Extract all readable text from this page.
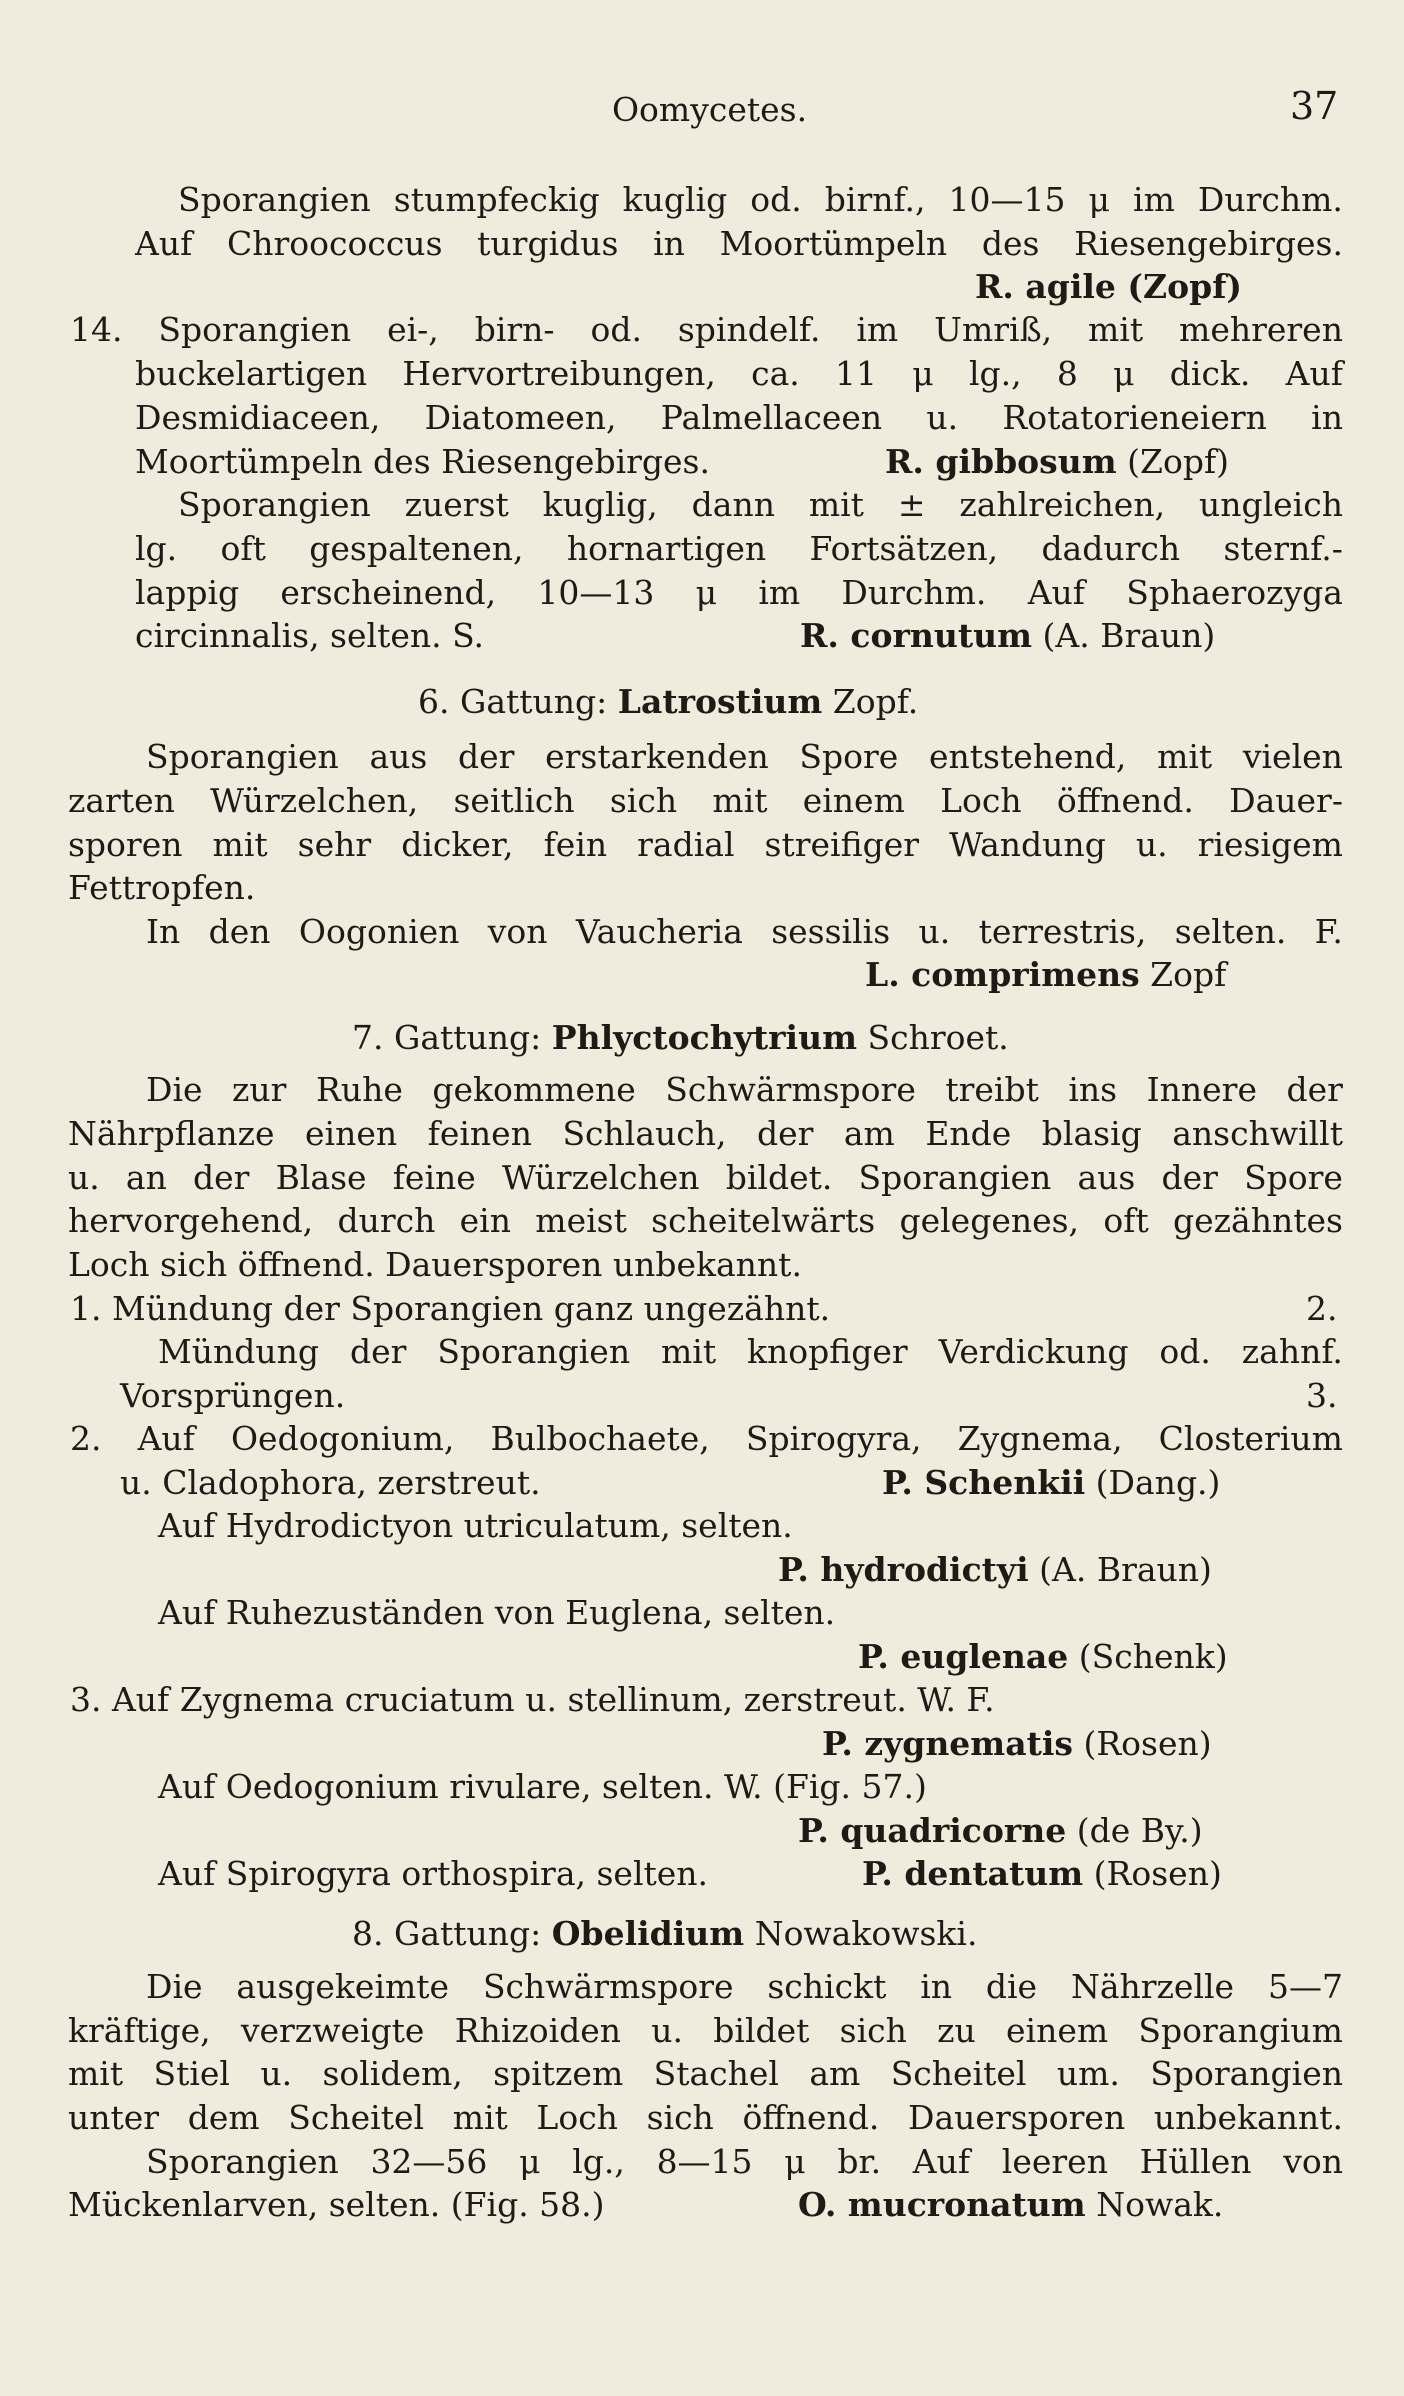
Oomycetes.	37
Sporangien stumpfeckig kuglig od. birnf., 10—15 μ im Durchm.
Auf Chroococcus turgidus in Moortümpeln des Riesengebirges.
R. agile (Zopf)
14. Sporangien ei-, birn- od. spindelf. im Umriß, mit mehreren
buckelartigen Hervortreibungen, ca. 11 μ lg., 8 μ dick. Auf
Desmidiaceen, Diatomeen, Palmellaceen u. Rotatorieneiern in
Moortümpeln des Riesengebirges.	R. gibbosum (Zopf)
Sporangien zuerst kuglig, dann mit ± zahlreichen, ungleich
lg. oft gespaltenen, hornartigen Fortsätzen, dadurch sternf.-
lappig erscheinend, 10—13 μ im Durchm. Auf Sphaerozyga
circinnalis, selten. S.	R. cornutum (A. Braun)
6. Gattung: Latrostium Zopf.
Sporangien aus der erstarkenden Spore entstehend, mit vielen
zarten Würzelchen, seitlich sich mit einem Loch öffnend. Dauer-
sporen mit sehr dicker, fein radial streifiger Wandung u. riesigem
Fettropfen.
In den Oogonien von Vaucheria sessilis u. terrestris, selten. F.
L. comprimens Zopf
7. Gattung: Phlyctochytrium Schroet.
Die zur Ruhe gekommene Schwärmspore treibt ins Innere der
Nährpflanze einen feinen Schlauch, der am Ende blasig anschwillt
u. an der Blase feine Würzelchen bildet. Sporangien aus der Spore
hervorgehend, durch ein meist scheitelwärts gelegenes, oft gezähntes
Loch sich öffnend. Dauersporen unbekannt.
1. Mündung der Sporangien ganz ungezähnt.	2.
Mündung der Sporangien mit knopfiger Verdickung od. zahnf.
Vorsprüngen.	3.
2. Auf Oedogonium, Bulbochaete, Spirogyra, Zygnema, Closterium
u. Cladophora, zerstreut.	P. Schenkii (Dang.)
Auf Hydrodictyon utriculatum, selten.
P. hydrodictyi (A. Braun)
Auf Ruhezuständen von Euglena, selten.
P. euglenae (Schenk)
3. Auf Zygnema cruciatum u. stellinum, zerstreut. W. F.
P. zygnematis (Rosen)
Auf Oedogonium rivulare, selten. W. (Fig. 57.)
P. quadricorne (de By.)
Auf Spirogyra orthospira, selten.	P. dentatum (Rosen)
8. Gattung: Obelidium Nowakowski.
Die ausgekeimte Schwärmspore schickt in die Nährzelle 5—7
kräftige, verzweigte Rhizoiden u. bildet sich zu einem Sporangium
mit Stiel u. solidem, spitzem Stachel am Scheitel um. Sporangien
unter dem Scheitel mit Loch sich öffnend. Dauersporen unbekannt.
Sporangien 32—56 μ lg., 8—15 μ br. Auf leeren Hüllen von
Mückenlarven, selten. (Fig. 58.)	O. mucronatum Nowak.
